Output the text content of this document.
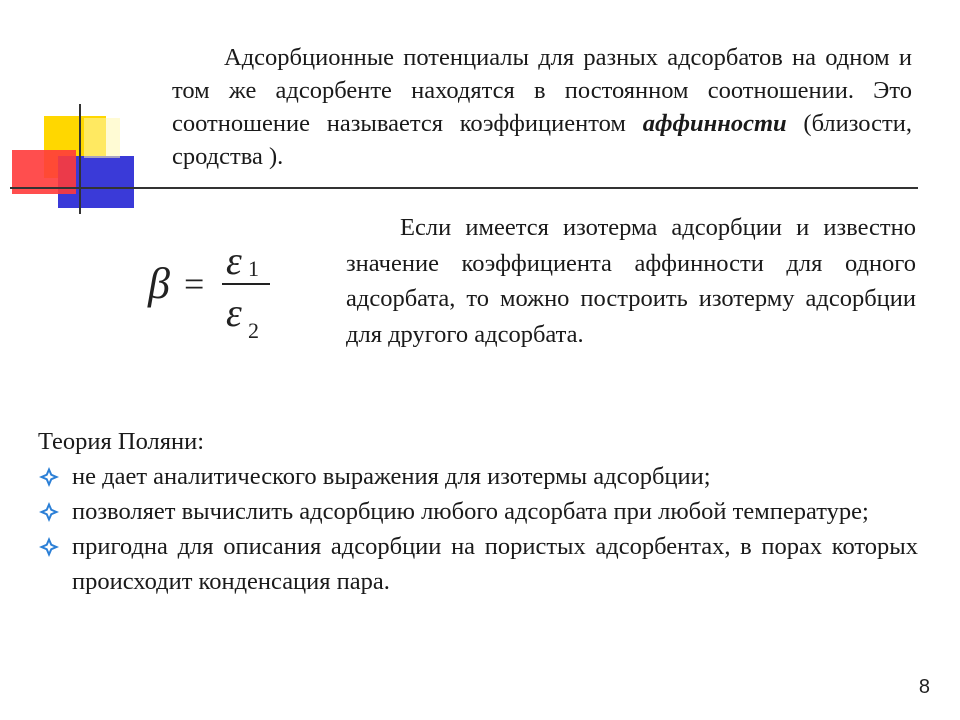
Адсорбционные потенциалы для разных адсорбатов на одном и том же адсорбенте находятся в постоянном соотношении. Это соотношение называется коэффициентом аффинности (близости, сродства ).
β =
ε 1
ε 2
Если имеется изотерма адсорбции и известно значение коэффициента аффинности для одного адсорбата, то можно построить изотерму адсорбции для другого адсорбата.
Теория Поляни:
не дает аналитического выражения для изотермы адсорбции;
позволяет вычислить адсорбцию любого адсорбата при любой температуре;
пригодна для описания адсорбции на пористых адсорбентах, в порах которых происходит конденсация пара.
8
